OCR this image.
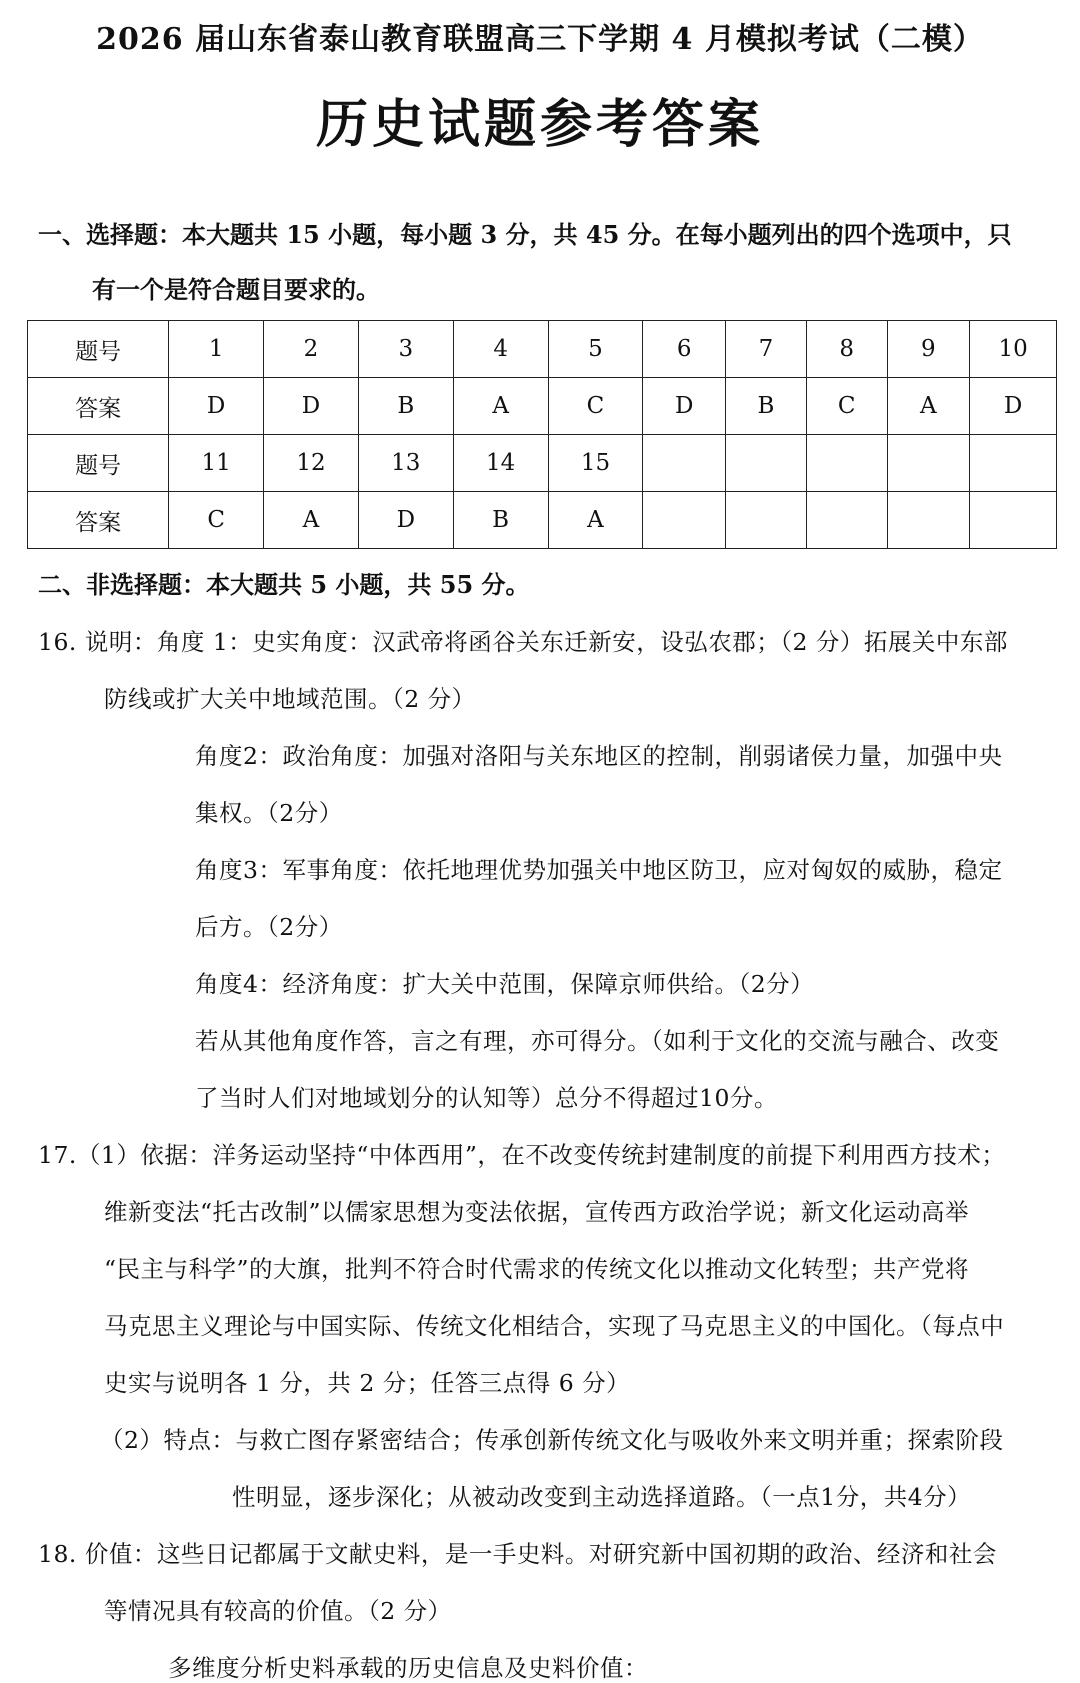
2026 届山东省泰山教育联盟高三下学期 4 月模拟考试（二模）
历史试题参考答案
一、选择题：本大题共 15 小题，每小题 3 分，共 45 分。在每小题列出的四个选项中，只
有一个是符合题目要求的。
题号	1	2	3	4	5	6	7	8	9	10
答案	D	D	B	A	C	D	B	C	A	D
题号	11	12	13	14	15					
答案	C	A	D	B	A					
二、非选择题：本大题共 5 小题，共 55 分。
16. 说明：角度 1：史实角度：汉武帝将函谷关东迁新安，设弘农郡；（2 分）拓展关中东部
防线或扩大关中地域范围。（2 分）
角度2：政治角度：加强对洛阳与关东地区的控制，削弱诸侯力量，加强中央
集权。（2分）
角度3：军事角度：依托地理优势加强关中地区防卫，应对匈奴的威胁，稳定
后方。（2分）
角度4：经济角度：扩大关中范围，保障京师供给。（2分）
若从其他角度作答，言之有理，亦可得分。（如利于文化的交流与融合、改变
了当时人们对地域划分的认知等）总分不得超过10分。
17.（1）依据：洋务运动坚持“中体西用”，在不改变传统封建制度的前提下利用西方技术；
维新变法“托古改制”以儒家思想为变法依据，宣传西方政治学说；新文化运动高举
“民主与科学”的大旗，批判不符合时代需求的传统文化以推动文化转型；共产党将
马克思主义理论与中国实际、传统文化相结合，实现了马克思主义的中国化。（每点中
史实与说明各 1 分，共 2 分；任答三点得 6 分）
（2）特点：与救亡图存紧密结合；传承创新传统文化与吸收外来文明并重；探索阶段
性明显，逐步深化；从被动改变到主动选择道路。（一点1分，共4分）
18. 价值：这些日记都属于文献史料，是一手史料。对研究新中国初期的政治、经济和社会
等情况具有较高的价值。（2 分）
多维度分析史料承载的历史信息及史料价值：
